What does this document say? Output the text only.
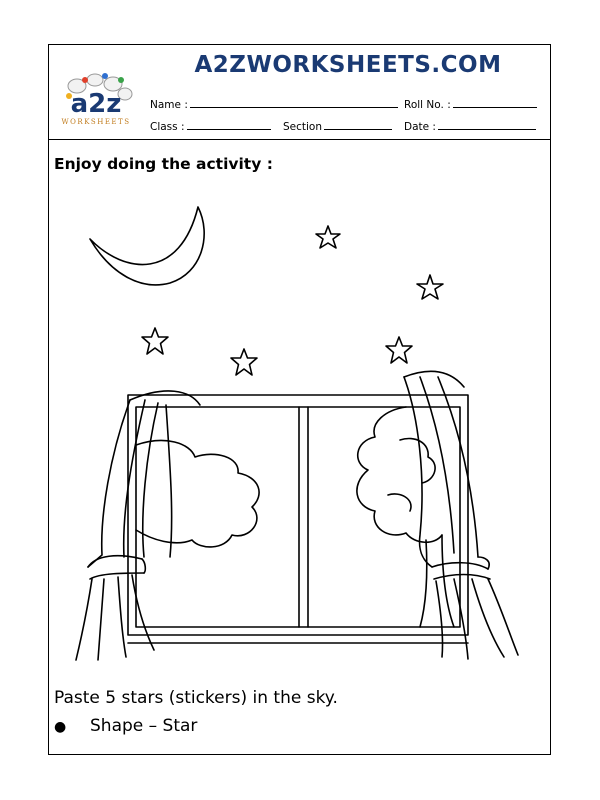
a2z
WORKSHEETS
A2ZWORKSHEETS.COM
Name :	Roll No. :
Class :	Section	Date :
Enjoy doing the activity :
Paste 5 stars (stickers) in the sky.
● Shape – Star
